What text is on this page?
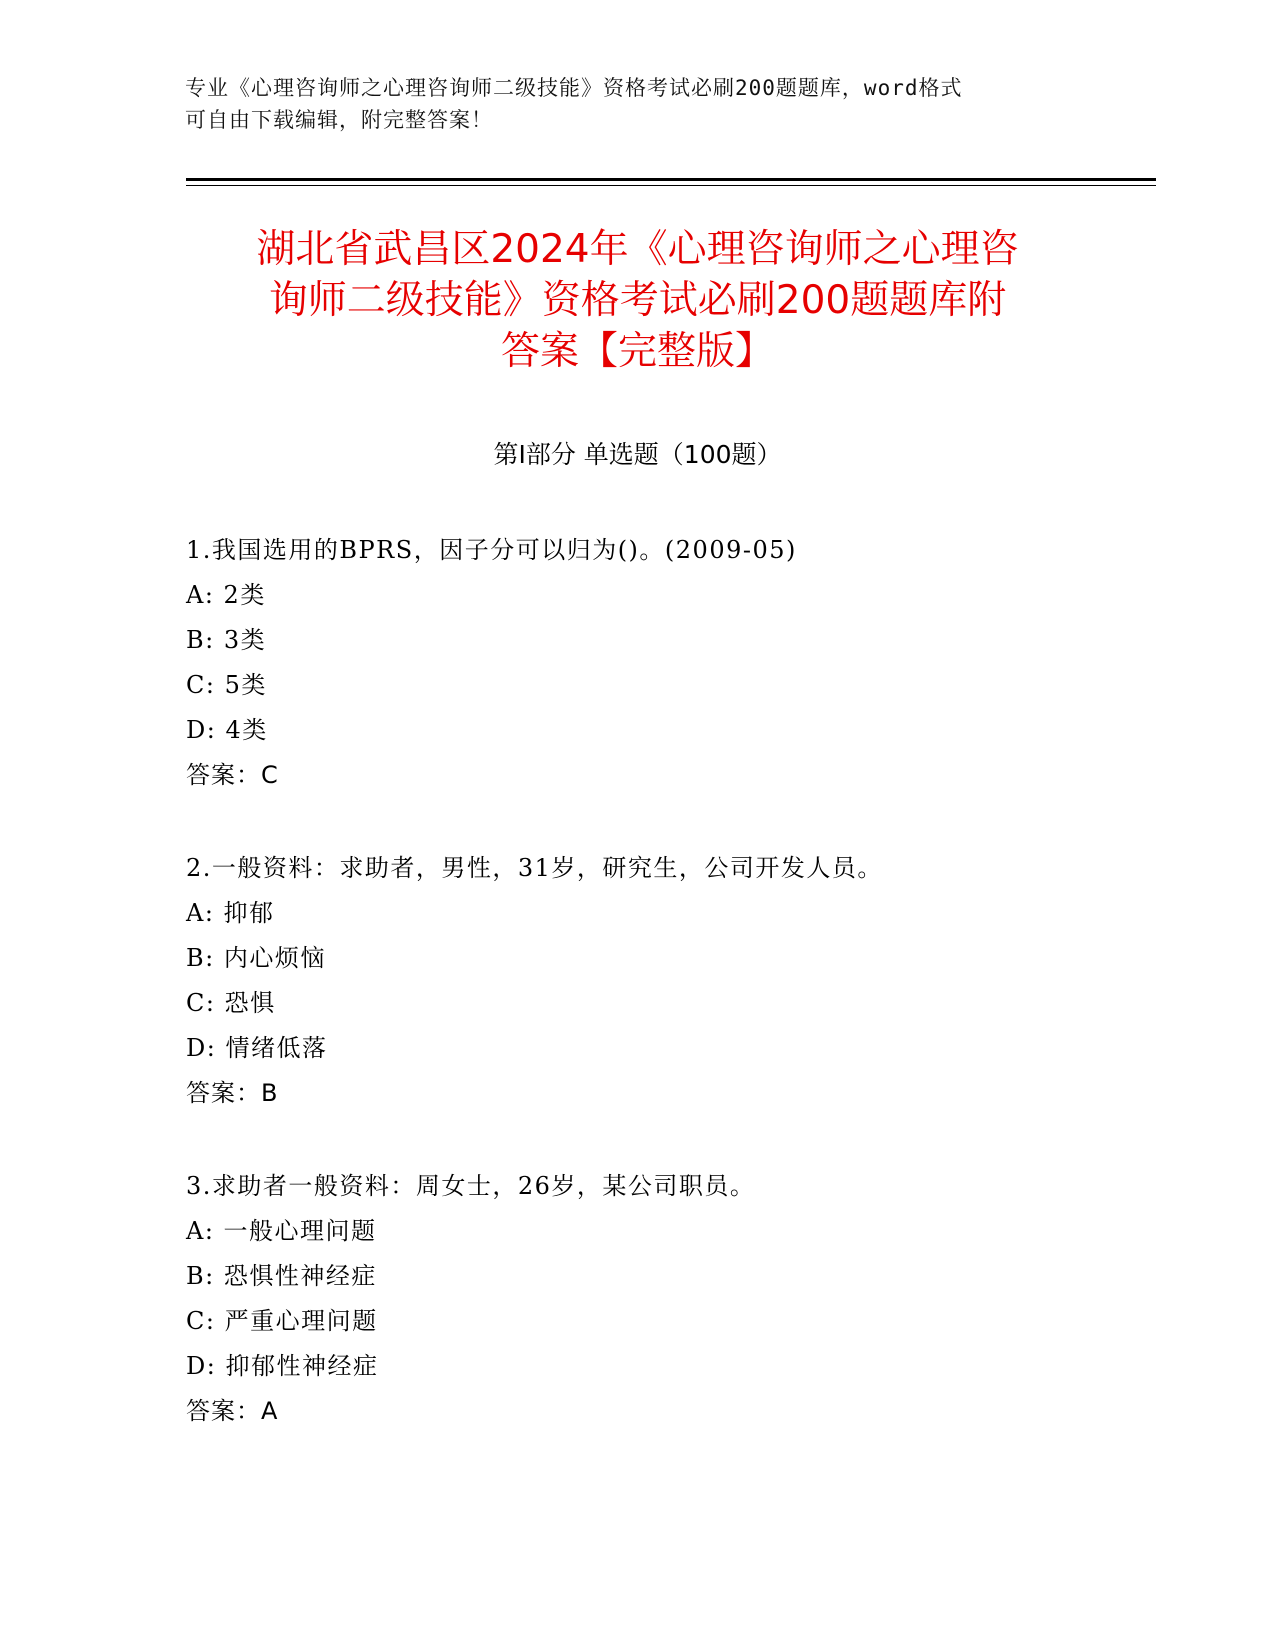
专业《心理咨询师之心理咨询师二级技能》资格考试必刷200题题库，word格式
可自由下载编辑，附完整答案！
湖北省武昌区2024年《心理咨询师之心理咨
询师二级技能》资格考试必刷200题题库附
答案【完整版】
第I部分 单选题（100题）
1.我国选用的BPRS，因子分可以归为()。(2009-05)
A: 2类
B: 3类
C: 5类
D: 4类
答案：C
2.一般资料：求助者，男性，31岁，研究生，公司开发人员。
A: 抑郁
B: 内心烦恼
C: 恐惧
D: 情绪低落
答案：B
3.求助者一般资料：周女士，26岁，某公司职员。
A: 一般心理问题
B: 恐惧性神经症
C: 严重心理问题
D: 抑郁性神经症
答案：A
